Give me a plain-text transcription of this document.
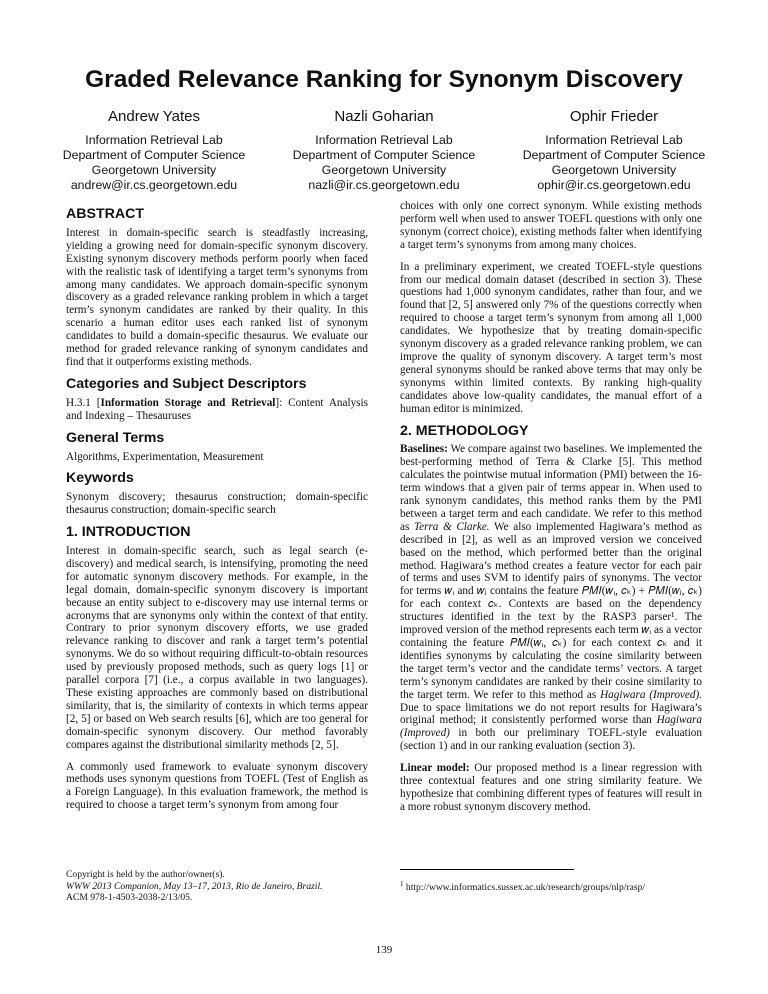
Graded Relevance Ranking for Synonym Discovery
Andrew Yates
Information Retrieval Lab
Department of Computer Science
Georgetown University
andrew@ir.cs.georgetown.edu
Nazli Goharian
Information Retrieval Lab
Department of Computer Science
Georgetown University
nazli@ir.cs.georgetown.edu
Ophir Frieder
Information Retrieval Lab
Department of Computer Science
Georgetown University
ophir@ir.cs.georgetown.edu
ABSTRACT

Interest in domain-specific search is steadfastly increasing, yielding a growing need for domain-specific synonym discovery. Existing synonym discovery methods perform poorly when faced with the realistic task of identifying a target term’s synonyms from among many candidates. We approach domain-specific synonym discovery as a graded relevance ranking problem in which a target term’s synonym candidates are ranked by their quality. In this scenario a human editor uses each ranked list of synonym candidates to build a domain-specific thesaurus. We evaluate our method for graded relevance ranking of synonym candidates and find that it outperforms existing methods.

Categories and Subject Descriptors

H.3.1 [Information Storage and Retrieval]: Content Analysis and Indexing – Thesauruses

General Terms

Algorithms, Experimentation, Measurement

Keywords

Synonym discovery; thesaurus construction; domain-specific thesaurus construction; domain-specific search

1. INTRODUCTION

Interest in domain-specific search, such as legal search (e-discovery) and medical search, is intensifying, promoting the need for automatic synonym discovery methods. For example, in the legal domain, domain-specific synonym discovery is important because an entity subject to e-discovery may use internal terms or acronyms that are synonyms only within the context of that entity. Contrary to prior synonym discovery efforts, we use graded relevance ranking to discover and rank a target term’s potential synonyms. We do so without requiring difficult-to-obtain resources used by previously proposed methods, such as query logs [1] or parallel corpora [7] (i.e., a corpus available in two languages). These existing approaches are commonly based on distributional similarity, that is, the similarity of contexts in which terms appear [2, 5] or based on Web search results [6], which are too general for domain-specific synonym discovery. Our method favorably compares against the distributional similarity methods [2, 5].

A commonly used framework to evaluate synonym discovery methods uses synonym questions from TOEFL (Test of English as a Foreign Language). In this evaluation framework, the method is required to choose a target term’s synonym from among four

choices with only one correct synonym. While existing methods perform well when used to answer TOEFL questions with only one synonym (correct choice), existing methods falter when identifying a target term’s synonyms from among many choices.

In a preliminary experiment, we created TOEFL-style questions from our medical domain dataset (described in section 3). These questions had 1,000 synonym candidates, rather than four, and we found that [2, 5] answered only 7% of the questions correctly when required to choose a target term’s synonym from among all 1,000 candidates. We hypothesize that by treating domain-specific synonym discovery as a graded relevance ranking problem, we can improve the quality of synonym discovery. A target term’s most general synonyms should be ranked above terms that may only be synonyms within limited contexts. By ranking high-quality candidates above low-quality candidates, the manual effort of a human editor is minimized.

2. METHODOLOGY

Baselines: We compare against two baselines. We implemented the best-performing method of Terra & Clarke [5]. This method calculates the pointwise mutual information (PMI) between the 16-term windows that a given pair of terms appear in. When used to rank synonym candidates, this method ranks them by the PMI between a target term and each candidate. We refer to this method as Terra & Clarke. We also implemented Hagiwara’s method as described in [2], as well as an improved version we conceived based on the method, which performed better than the original method. Hagiwara’s method creates a feature vector for each pair of terms and uses SVM to identify pairs of synonyms. The vector for terms 𝑤ᵢ and 𝑤ⱼ contains the feature 𝑃𝑀𝐼(𝑤ᵢ, 𝑐ₖ) + 𝑃𝑀𝐼(𝑤ⱼ, 𝑐ₖ) for each context 𝑐ₖ. Contexts are based on the dependency structures identified in the text by the RASP3 parser¹. The improved version of the method represents each term 𝑤ᵢ as a vector containing the feature 𝑃𝑀𝐼(𝑤ᵢ, 𝑐ₖ) for each context 𝑐ₖ and it identifies synonyms by calculating the cosine similarity between the target term’s vector and the candidate terms’ vectors. A target term’s synonym candidates are ranked by their cosine similarity to the target term. We refer to this method as Hagiwara (Improved). Due to space limitations we do not report results for Hagiwara’s original method; it consistently performed worse than Hagiwara (Improved) in both our preliminary TOEFL-style evaluation (section 1) and in our ranking evaluation (section 3).

Linear model: Our proposed method is a linear regression with three contextual features and one string similarity feature. We hypothesize that combining different types of features will result in a more robust synonym discovery method.

Copyright is held by the author/owner(s).
WWW 2013 Companion, May 13–17, 2013, Rio de Janeiro, Brazil.
ACM 978-1-4503-2038-2/13/05.
$^1$ http://www.informatics.sussex.ac.uk/research/groups/nlp/rasp/
139
